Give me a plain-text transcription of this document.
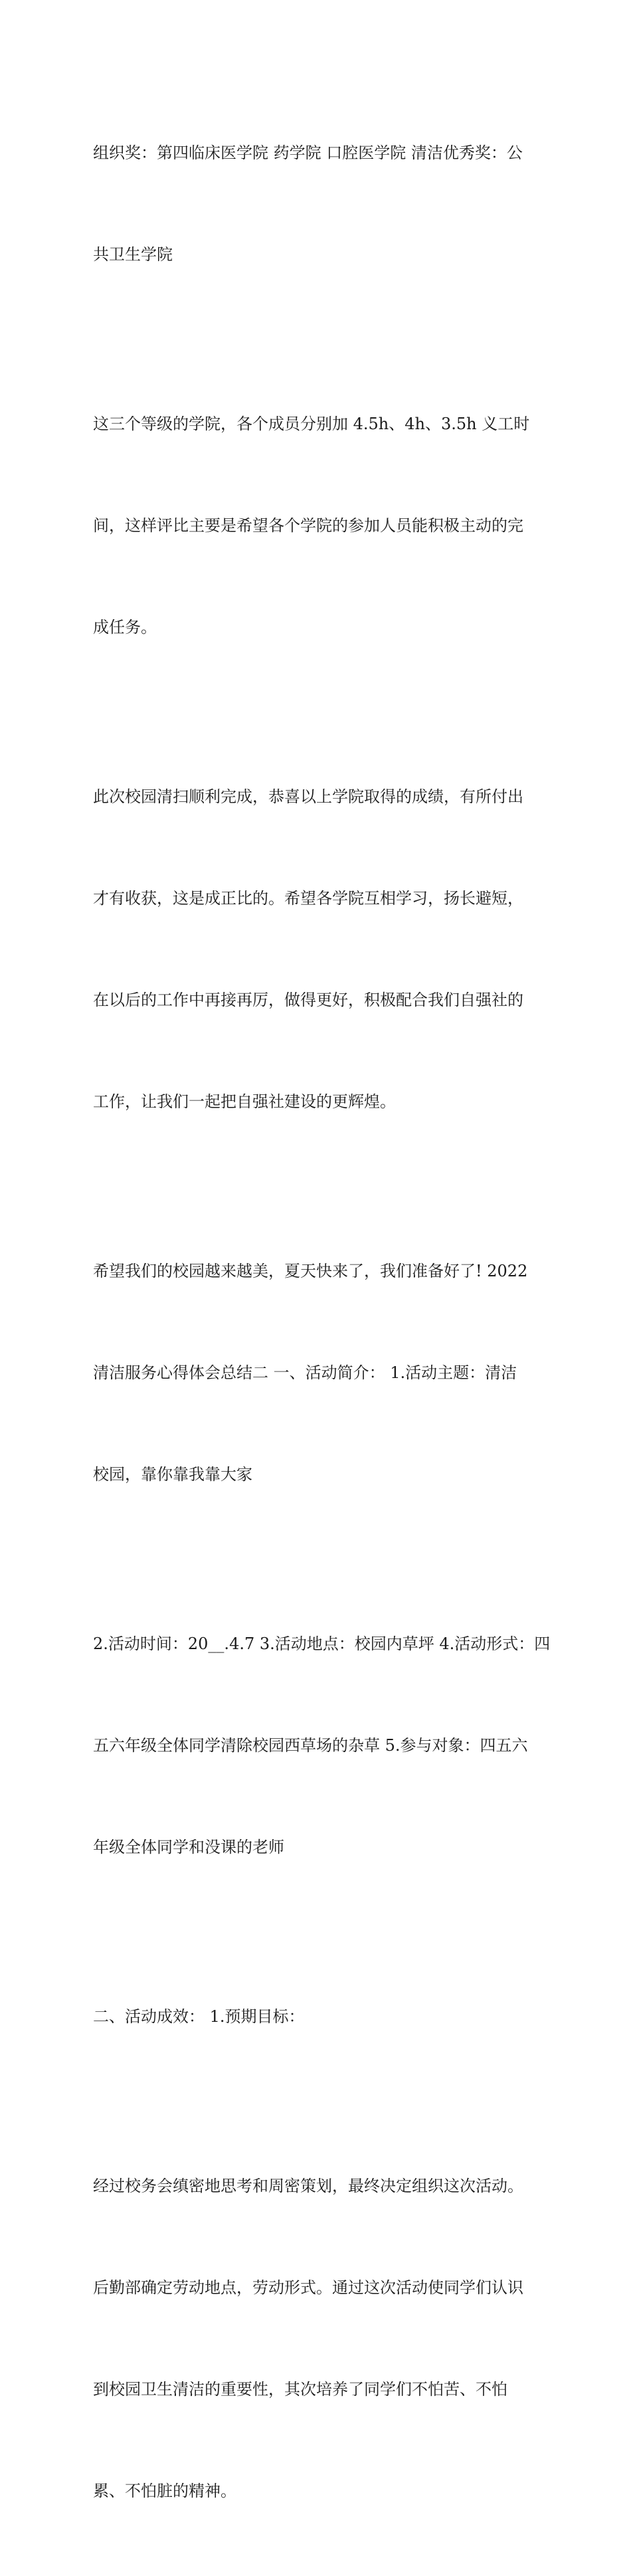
组织奖：第四临床医学院 药学院 口腔医学院 清洁优秀奖：公

共卫生学院

这三个等级的学院，各个成员分别加 4.5h、4h、3.5h 义工时

间，这样评比主要是希望各个学院的参加人员能积极主动的完

成任务。

此次校园清扫顺利完成，恭喜以上学院取得的成绩，有所付出

才有收获，这是成正比的。希望各学院互相学习，扬长避短，

在以后的工作中再接再厉，做得更好，积极配合我们自强社的

工作，让我们一起把自强社建设的更辉煌。

希望我们的校园越来越美，夏天快来了，我们准备好了! 2022

清洁服务心得体会总结二 一、活动简介： 1.活动主题：清洁

校园，靠你靠我靠大家

2.活动时间：20__.4.7 3.活动地点：校园内草坪 4.活动形式：四

五六年级全体同学清除校园西草场的杂草 5.参与对象：四五六

年级全体同学和没课的老师

二、活动成效： 1.预期目标：

经过校务会缜密地思考和周密策划，最终决定组织这次活动。

后勤部确定劳动地点，劳动形式。通过这次活动使同学们认识

到校园卫生清洁的重要性，其次培养了同学们不怕苦、不怕

累、不怕脏的精神。
